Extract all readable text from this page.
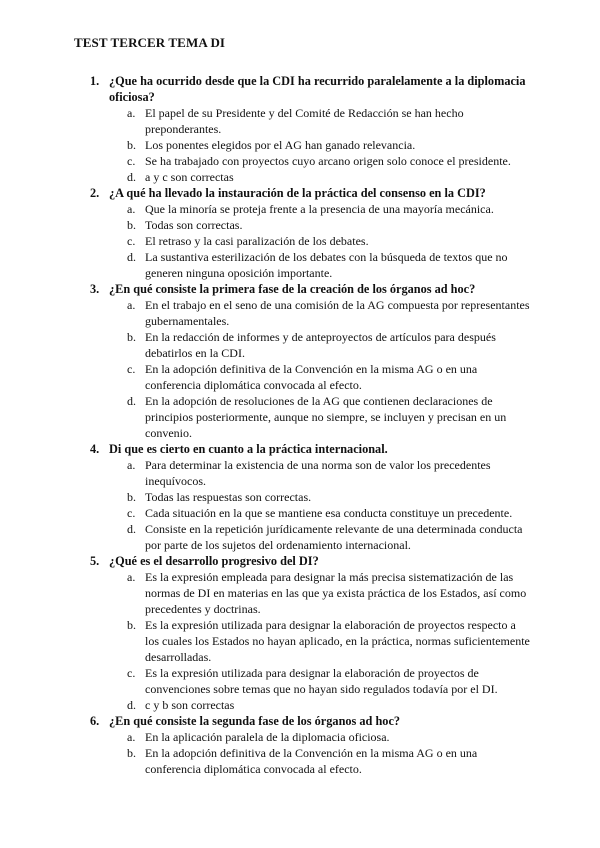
TEST TERCER TEMA DI
1. ¿Que ha ocurrido desde que la CDI ha recurrido paralelamente a la diplomacia oficiosa?
a. El papel de su Presidente y del Comité de Redacción se han hecho preponderantes.
b. Los ponentes elegidos por el AG han ganado relevancia.
c. Se ha trabajado con proyectos cuyo arcano origen solo conoce el presidente.
d. a y c son correctas
2. ¿A qué ha llevado la instauración de la práctica del consenso en la CDI?
a. Que la minoría se proteja frente a la presencia de una mayoría mecánica.
b. Todas son correctas.
c. El retraso y la casi paralización de los debates.
d. La sustantiva esterilización de los debates con la búsqueda de textos que no generen ninguna oposición importante.
3. ¿En qué consiste la primera fase de la creación de los órganos ad hoc?
a. En el trabajo en el seno de una comisión de la AG compuesta por representantes gubernamentales.
b. En la redacción de informes y de anteproyectos de artículos para después debatirlos en la CDI.
c. En la adopción definitiva de la Convención en la misma AG o en una conferencia diplomática convocada al efecto.
d. En la adopción de resoluciones de la AG que contienen declaraciones de principios posteriormente, aunque no siempre, se incluyen y precisan en un convenio.
4. Di que es cierto en cuanto a la práctica internacional.
a. Para determinar la existencia de una norma son de valor los precedentes inequívocos.
b. Todas las respuestas son correctas.
c. Cada situación en la que se mantiene esa conducta constituye un precedente.
d. Consiste en la repetición jurídicamente relevante de una determinada conducta por parte de los sujetos del ordenamiento internacional.
5. ¿Qué es el desarrollo progresivo del DI?
a. Es la expresión empleada para designar la más precisa sistematización de las normas de DI en materias en las que ya exista práctica de los Estados, así como precedentes y doctrinas.
b. Es la expresión utilizada para designar la elaboración de proyectos respecto a los cuales los Estados no hayan aplicado, en la práctica, normas suficientemente desarrolladas.
c. Es la expresión utilizada para designar la elaboración de proyectos de convenciones sobre temas que no hayan sido regulados todavía por el DI.
d. c y b son correctas
6. ¿En qué consiste la segunda fase de los órganos ad hoc?
a. En la aplicación paralela de la diplomacia oficiosa.
b. En la adopción definitiva de la Convención en la misma AG o en una conferencia diplomática convocada al efecto.
